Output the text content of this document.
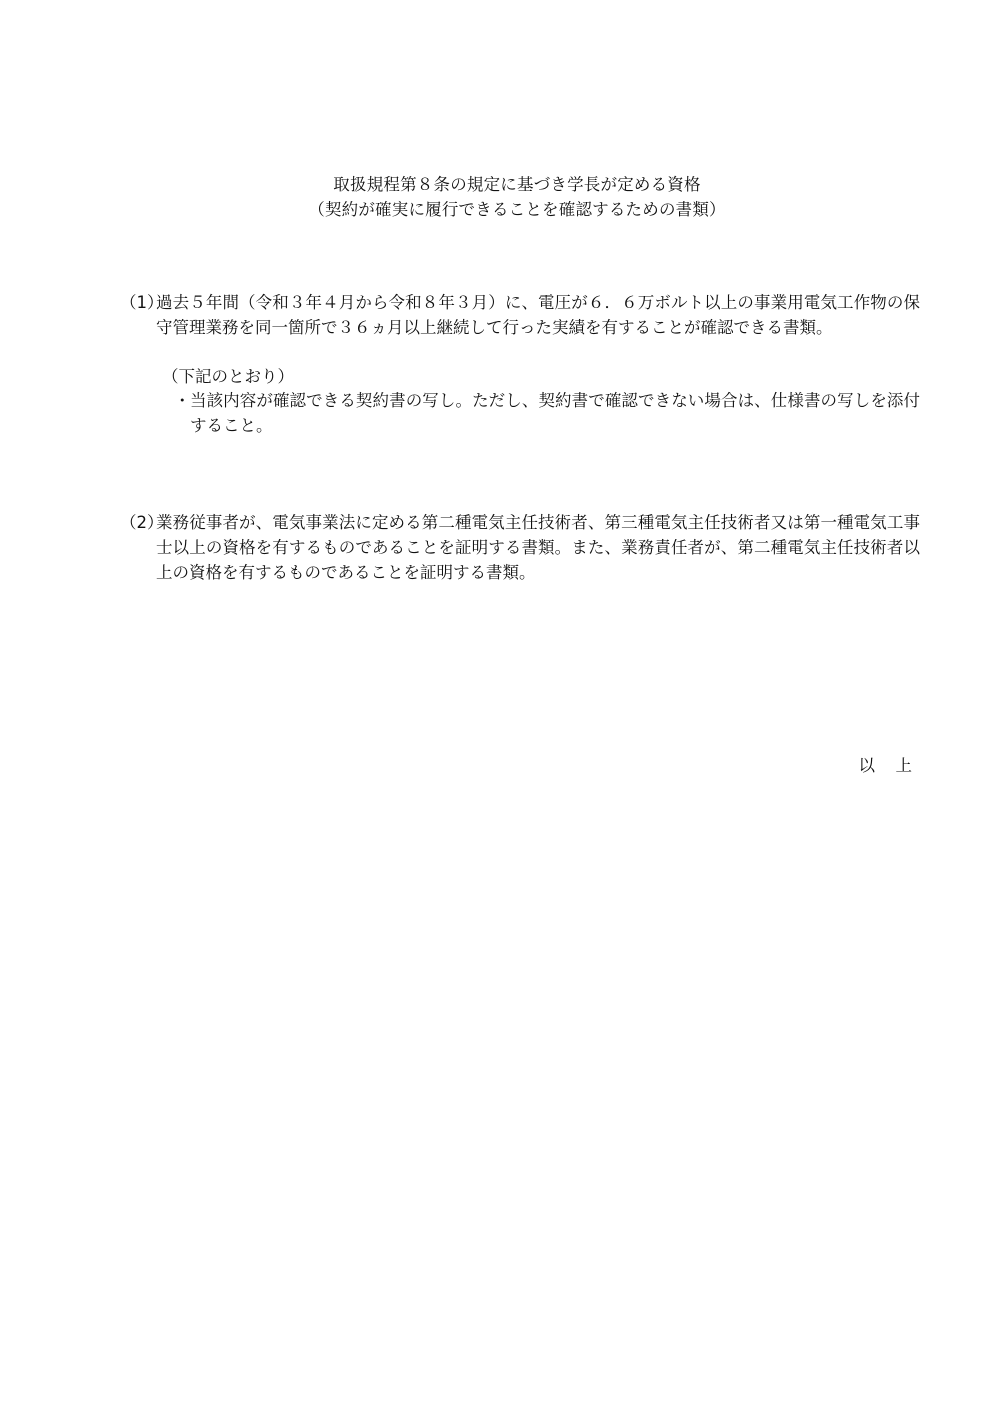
取扱規程第８条の規定に基づき学長が定める資格
（契約が確実に履行できることを確認するための書類）
（1）
過去５年間（令和３年４月から令和８年３月）に、電圧が６．６万ボルト以上の事業用電気工作物の保守管理業務を同一箇所で３６ヵ月以上継続して行った実績を有することが確認できる書類。
（下記のとおり）
・ 当該内容が確認できる契約書の写し。ただし、契約書で確認できない場合は、仕様書の写しを添付すること。
（2）
業務従事者が、電気事業法に定める第二種電気主任技術者、第三種電気主任技術者又は第一種電気工事士以上の資格を有するものであることを証明する書類。また、業務責任者が、第二種電気主任技術者以上の資格を有するものであることを証明する書類。
以　上
